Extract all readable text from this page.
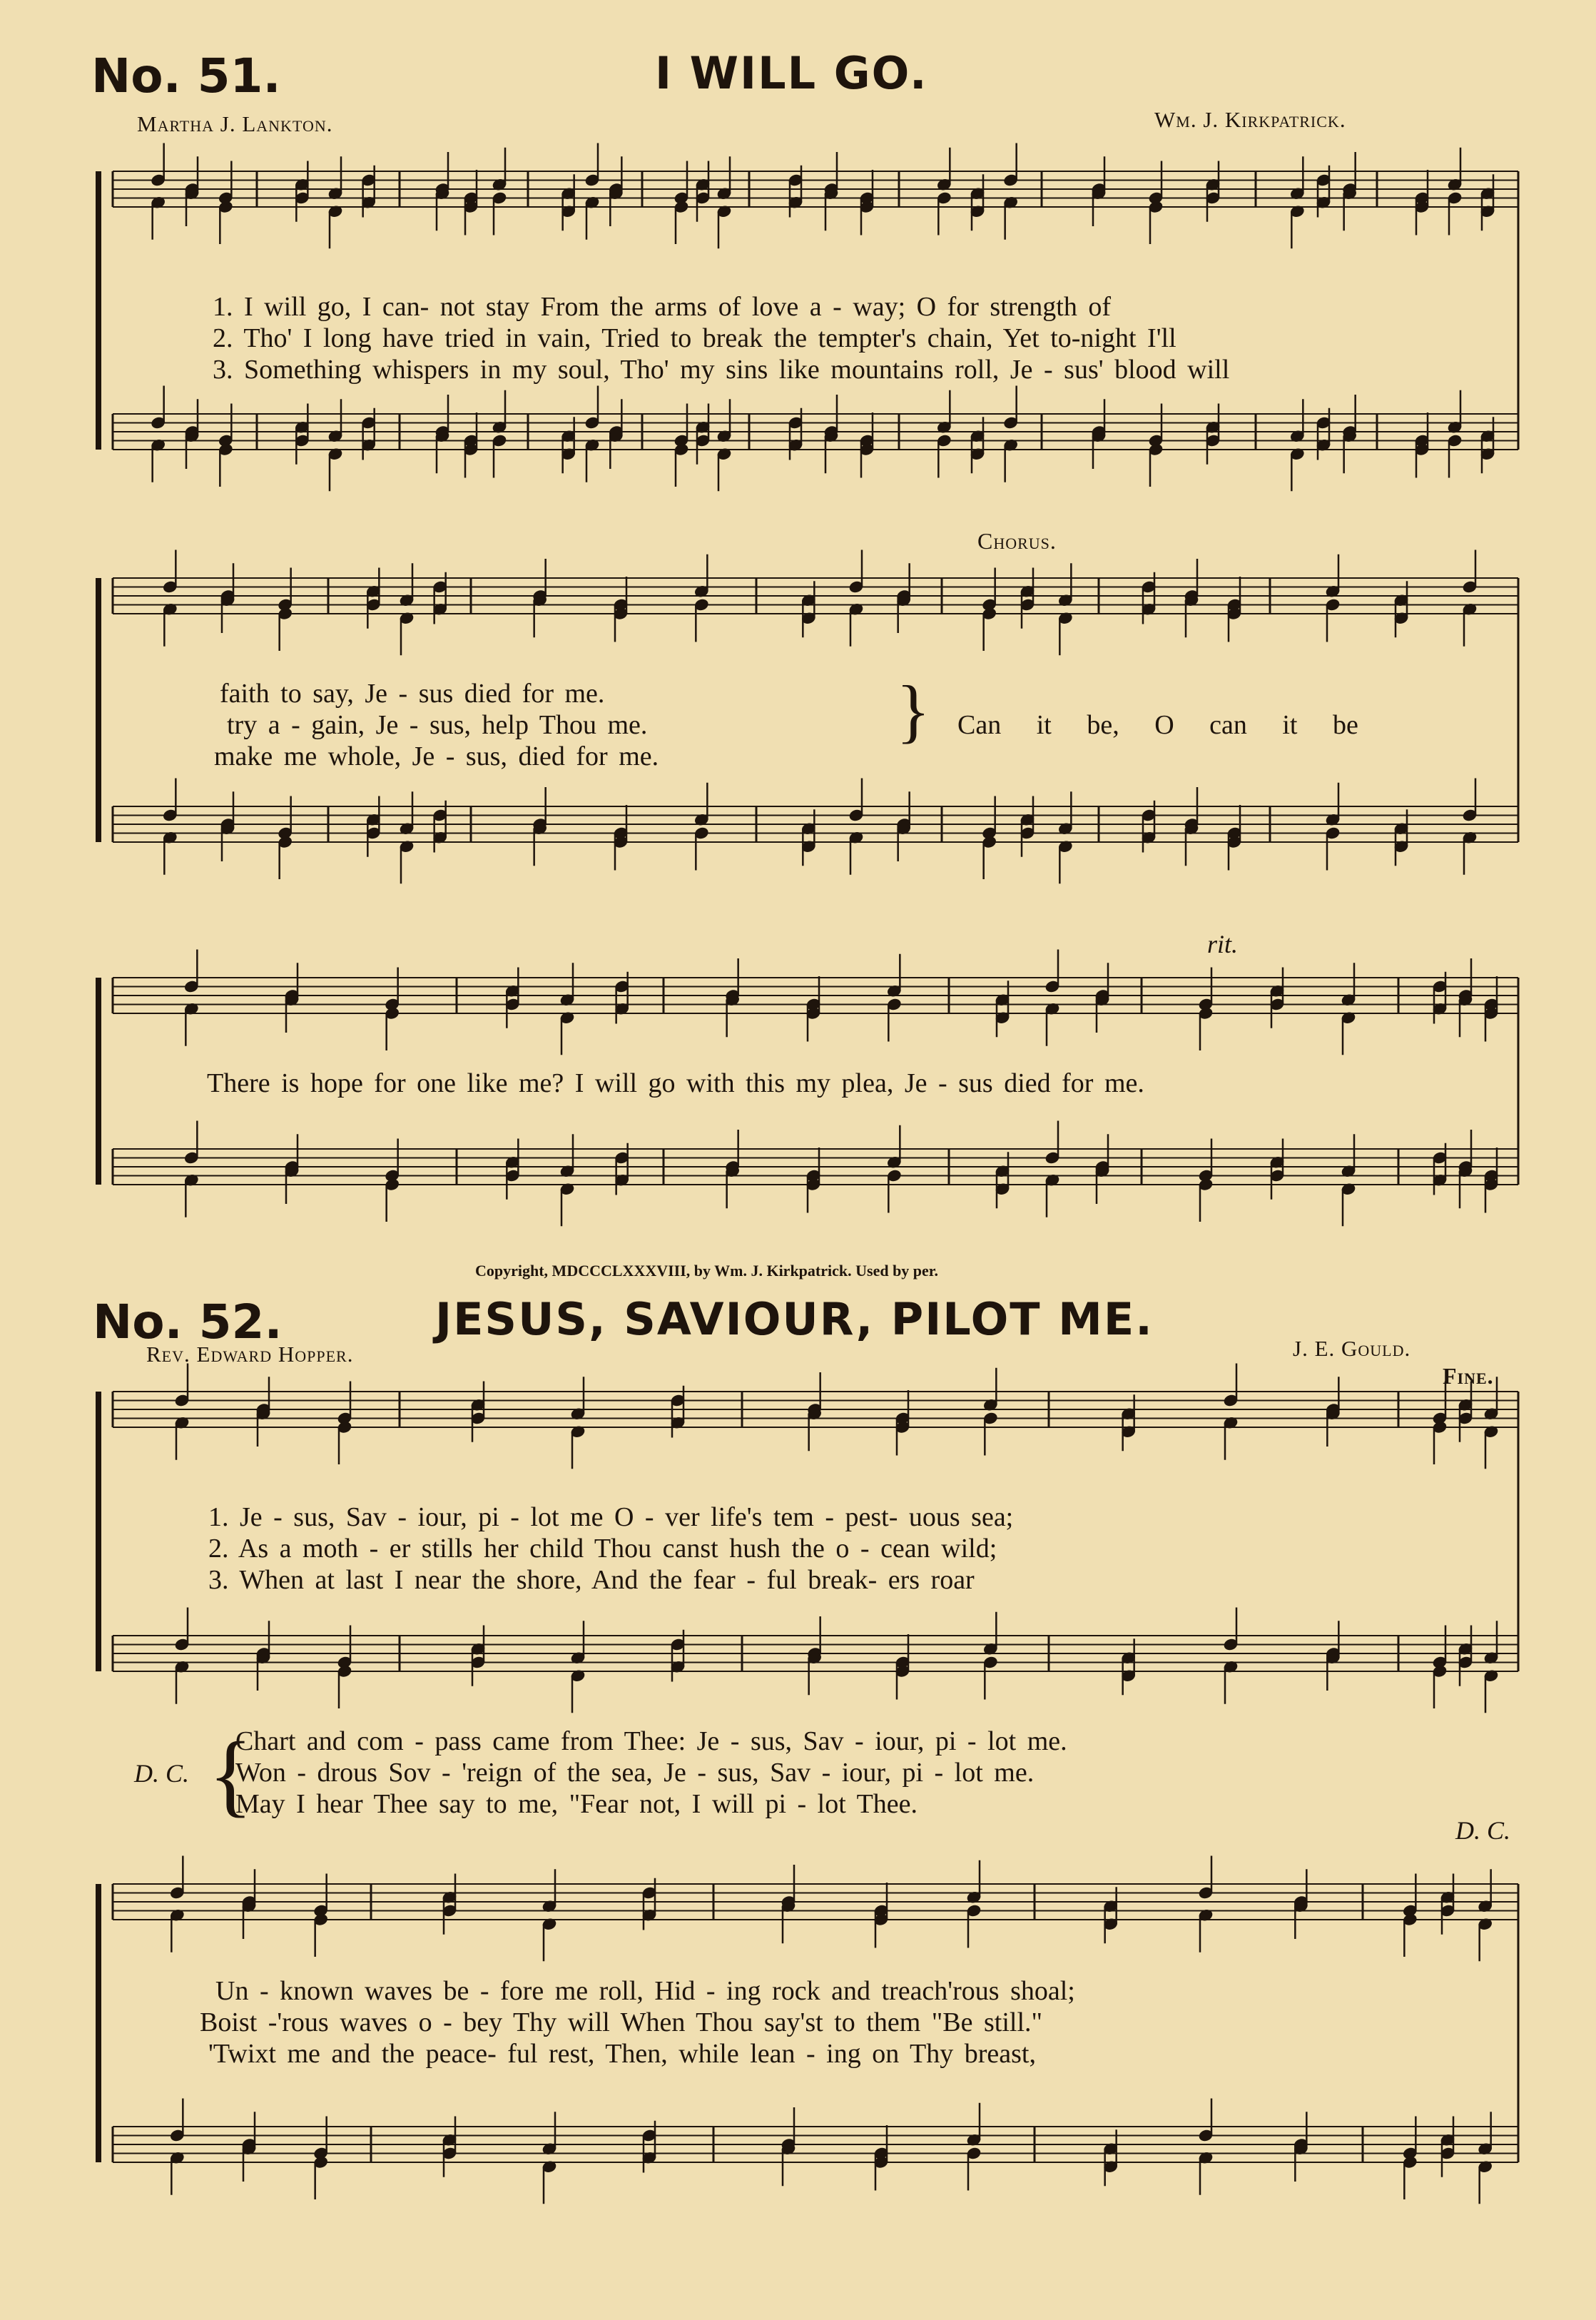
No. 51.	I WILL GO.
Martha J. Lankton.	Wm. J. Kirkpatrick.
1. I will go, I can- not stay From the arms of love a - way; O for strength of
2. Tho' I long have tried in vain, Tried to break the tempter's chain, Yet to-night I'll
3. Something whispers in my soul, Tho' my sins like mountains roll, Je - sus' blood will
Chorus.
faith to say, Je - sus died for me.
try a - gain, Je - sus, help Thou me.
make me whole, Je - sus, died for me.
} Can it be, O can it be
rit.
There is hope for one like me? I will go with this my plea, Je - sus died for me.
Copyright, MDCCCLXXXVIII, by Wm. J. Kirkpatrick. Used by per.
No. 52.	JESUS, SAVIOUR, PILOT ME.
Rev. Edward Hopper.	J. E. Gould.
Fine.
1. Je - sus, Sav - iour, pi - lot me O - ver life's tem - pest- uous sea;
2. As a moth - er stills her child Thou canst hush the o - cean wild;
3. When at last I near the shore, And the fear - ful break- ers roar
D. C. {
Chart and com - pass came from Thee: Je - sus, Sav - iour, pi - lot me.
Won - drous Sov - 'reign of the sea, Je - sus, Sav - iour, pi - lot me.
May I hear Thee say to me, "Fear not, I will pi - lot Thee.
D. C.
Un - known waves be - fore me roll, Hid - ing rock and treach'rous shoal;
Boist -'rous waves o - bey Thy will When Thou say'st to them "Be still."
'Twixt me and the peace- ful rest, Then, while lean - ing on Thy breast,
